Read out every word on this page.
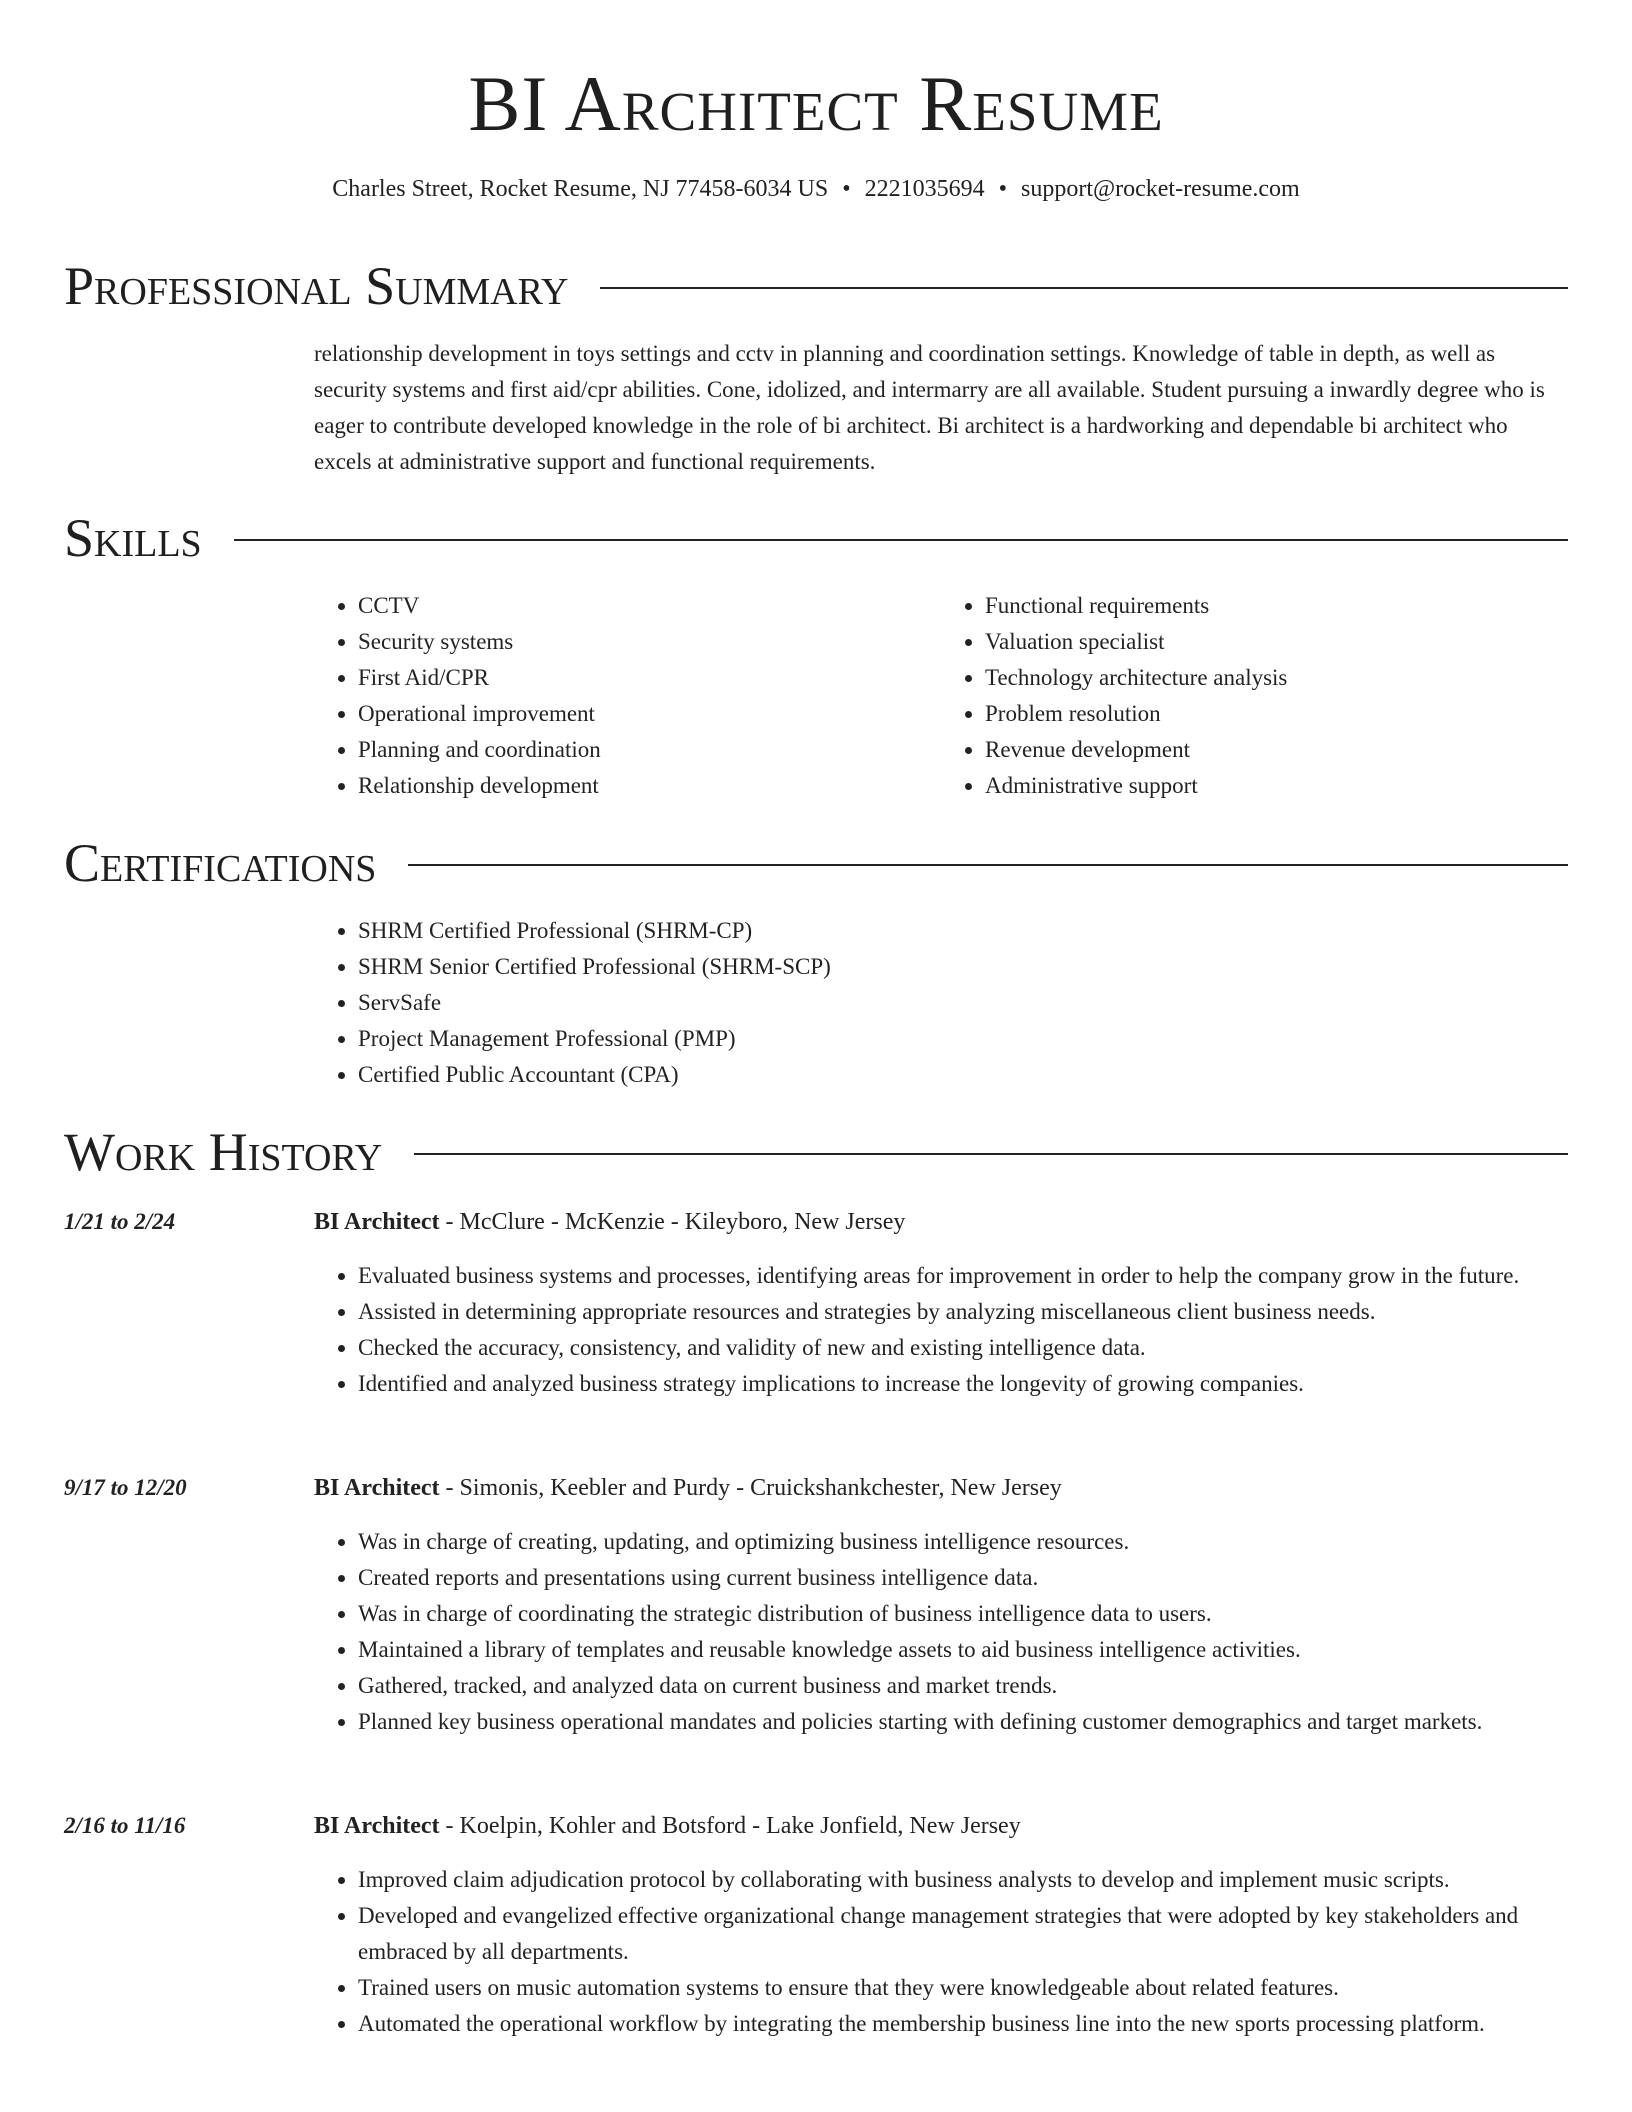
BI Architect Resume
Charles Street, Rocket Resume, NJ 77458-6034 US • 2221035694 • support@rocket-resume.com
Professional Summary

relationship development in toys settings and cctv in planning and coordination settings. Knowledge of table in depth, as well as security systems and first aid/cpr abilities. Cone, idolized, and intermarry are all available. Student pursuing a inwardly degree who is eager to contribute developed knowledge in the role of bi architect. Bi architect is a hardworking and dependable bi architect who excels at administrative support and functional requirements.

Skills
• CCTV
• Security systems
• First Aid/CPR
• Operational improvement
• Planning and coordination
• Relationship development
• Functional requirements
• Valuation specialist
• Technology architecture analysis
• Problem resolution
• Revenue development
• Administrative support
Certifications
• SHRM Certified Professional (SHRM-CP)
• SHRM Senior Certified Professional (SHRM-SCP)
• ServSafe
• Project Management Professional (PMP)
• Certified Public Accountant (CPA)
Work History
1/21 to 2/24	BI Architect - McClure - McKenzie - Kileyboro, New Jersey
• Evaluated business systems and processes, identifying areas for improvement in order to help the company grow in the future.
• Assisted in determining appropriate resources and strategies by analyzing miscellaneous client business needs.
• Checked the accuracy, consistency, and validity of new and existing intelligence data.
• Identified and analyzed business strategy implications to increase the longevity of growing companies.
9/17 to 12/20	BI Architect - Simonis, Keebler and Purdy - Cruickshankchester, New Jersey
• Was in charge of creating, updating, and optimizing business intelligence resources.
• Created reports and presentations using current business intelligence data.
• Was in charge of coordinating the strategic distribution of business intelligence data to users.
• Maintained a library of templates and reusable knowledge assets to aid business intelligence activities.
• Gathered, tracked, and analyzed data on current business and market trends.
• Planned key business operational mandates and policies starting with defining customer demographics and target markets.
2/16 to 11/16	BI Architect - Koelpin, Kohler and Botsford - Lake Jonfield, New Jersey
• Improved claim adjudication protocol by collaborating with business analysts to develop and implement music scripts.
• Developed and evangelized effective organizational change management strategies that were adopted by key stakeholders and embraced by all departments.
• Trained users on music automation systems to ensure that they were knowledgeable about related features.
• Automated the operational workflow by integrating the membership business line into the new sports processing platform.
